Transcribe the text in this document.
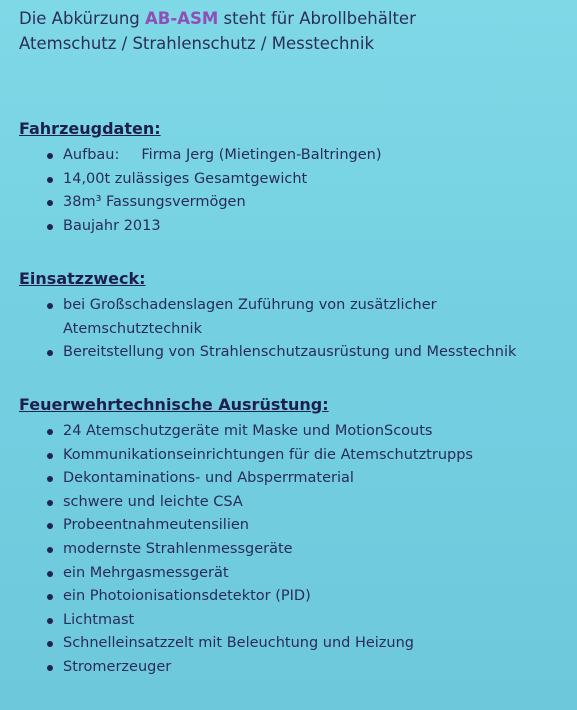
Die Abkürzung AB-ASM steht für Abrollbehälter
Atemschutz / Strahlenschutz / Messtechnik
Fahrzeugdaten:
Aufbau: Firma Jerg (Mietingen-Baltringen)
14,00t zulässiges Gesamtgewicht
38m³ Fassungsvermögen
Baujahr 2013
Einsatzzweck:
bei Großschadenslagen Zuführung von zusätzlicher
Atemschutztechnik
Bereitstellung von Strahlenschutzausrüstung und Messtechnik
Feuerwehrtechnische Ausrüstung:
24 Atemschutzgeräte mit Maske und MotionScouts
Kommunikationseinrichtungen für die Atemschutztrupps
Dekontaminations- und Absperrmaterial
schwere und leichte CSA
Probeentnahmeutensilien
modernste Strahlenmessgeräte
ein Mehrgasmessgerät
ein Photoionisationsdetektor (PID)
Lichtmast
Schnelleinsatzzelt mit Beleuchtung und Heizung
Stromerzeuger
